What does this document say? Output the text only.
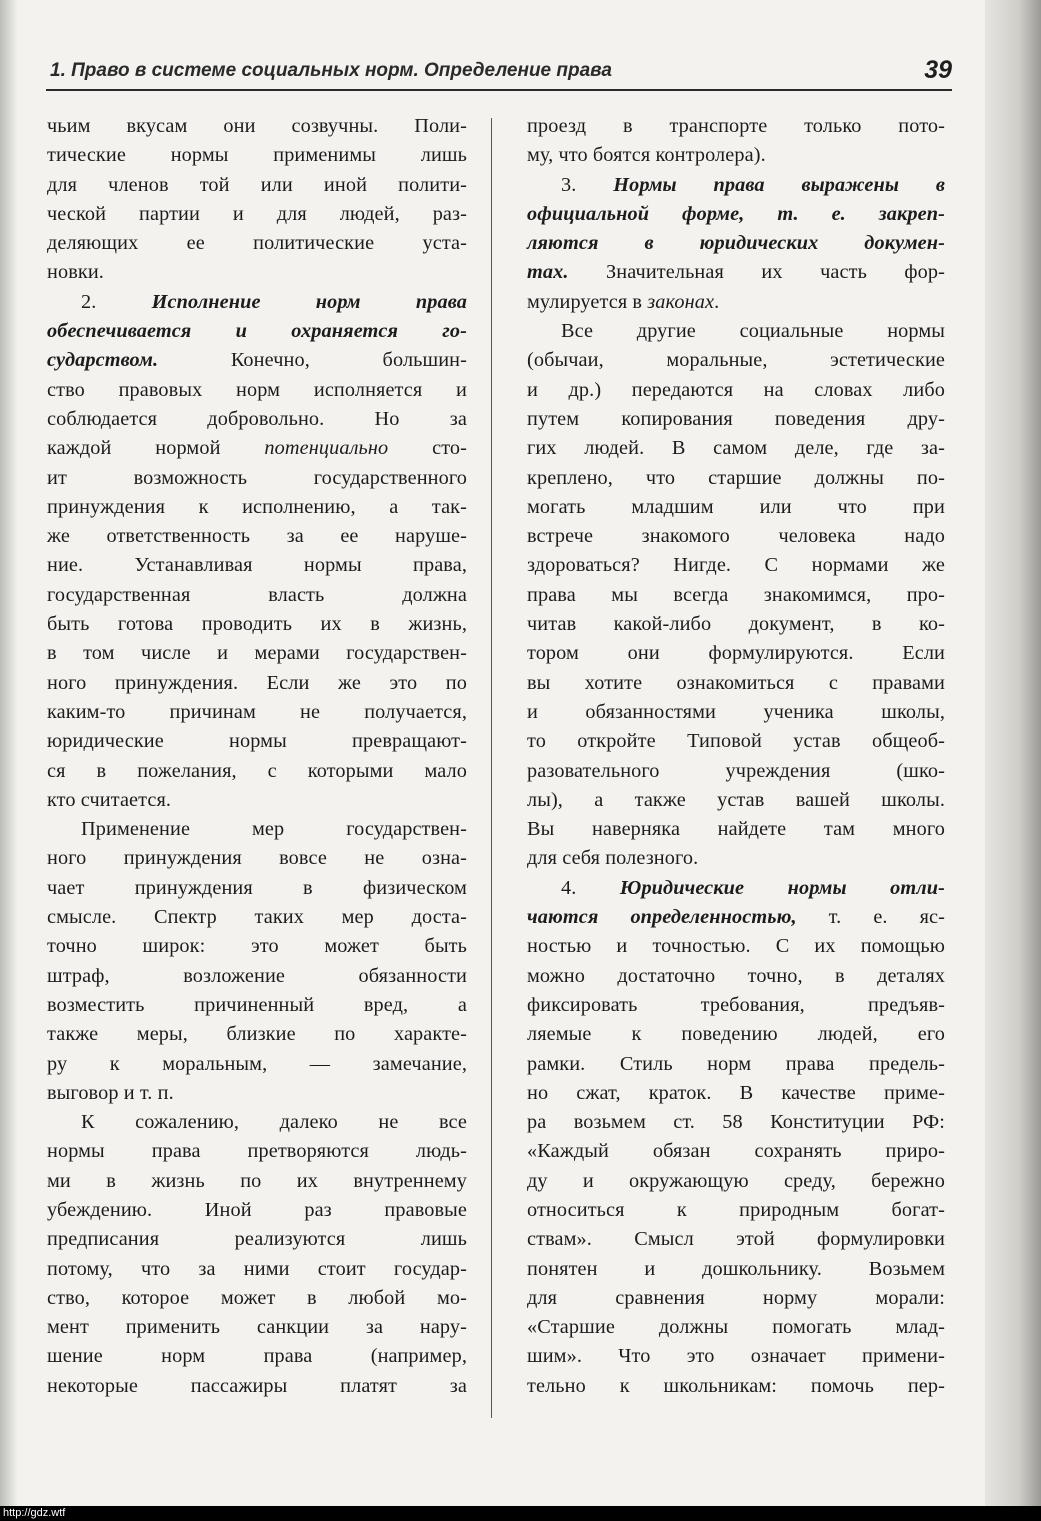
1. Право в системе социальных норм. Определение права	39
чьим вкусам они созвучны. Поли-
тические нормы применимы лишь
для членов той или иной полити-
ческой партии и для людей, раз-
деляющих ее политические уста-
новки.
2. Исполнение норм права
обеспечивается и охраняется го-
сударством. Конечно, большин-
ство правовых норм исполняется и
соблюдается добровольно. Но за
каждой нормой потенциально сто-
ит возможность государственного
принуждения к исполнению, а так-
же ответственность за ее наруше-
ние. Устанавливая нормы права,
государственная власть должна
быть готова проводить их в жизнь,
в том числе и мерами государствен-
ного принуждения. Если же это по
каким-то причинам не получается,
юридические нормы превращают-
ся в пожелания, с которыми мало
кто считается.
Применение мер государствен-
ного принуждения вовсе не озна-
чает принуждения в физическом
смысле. Спектр таких мер доста-
точно широк: это может быть
штраф, возложение обязанности
возместить причиненный вред, а
также меры, близкие по характе-
ру к моральным, — замечание,
выговор и т. п.
К сожалению, далеко не все
нормы права претворяются людь-
ми в жизнь по их внутреннему
убеждению. Иной раз правовые
предписания реализуются лишь
потому, что за ними стоит государ-
ство, которое может в любой мо-
мент применить санкции за нару-
шение норм права (например,
некоторые пассажиры платят за
проезд в транспорте только пото-
му, что боятся контролера).
3. Нормы права выражены в
официальной форме, т. е. закреп-
ляются в юридических докумен-
тах. Значительная их часть фор-
мулируется в законах.
Все другие социальные нормы
(обычаи, моральные, эстетические
и др.) передаются на словах либо
путем копирования поведения дру-
гих людей. В самом деле, где за-
креплено, что старшие должны по-
могать младшим или что при
встрече знакомого человека надо
здороваться? Нигде. С нормами же
права мы всегда знакомимся, про-
читав какой-либо документ, в ко-
тором они формулируются. Если
вы хотите ознакомиться с правами
и обязанностями ученика школы,
то откройте Типовой устав общеоб-
разовательного учреждения (шко-
лы), а также устав вашей школы.
Вы наверняка найдете там много
для себя полезного.
4. Юридические нормы отли-
чаются определенностью, т. е. яс-
ностью и точностью. С их помощью
можно достаточно точно, в деталях
фиксировать требования, предъяв-
ляемые к поведению людей, его
рамки. Стиль норм права предель-
но сжат, краток. В качестве приме-
ра возьмем ст. 58 Конституции РФ:
«Каждый обязан сохранять приро-
ду и окружающую среду, бережно
относиться к природным богат-
ствам». Смысл этой формулировки
понятен и дошкольнику. Возьмем
для сравнения норму морали:
«Старшие должны помогать млад-
шим». Что это означает примени-
тельно к школьникам: помочь пер-
http://gdz.wtf
